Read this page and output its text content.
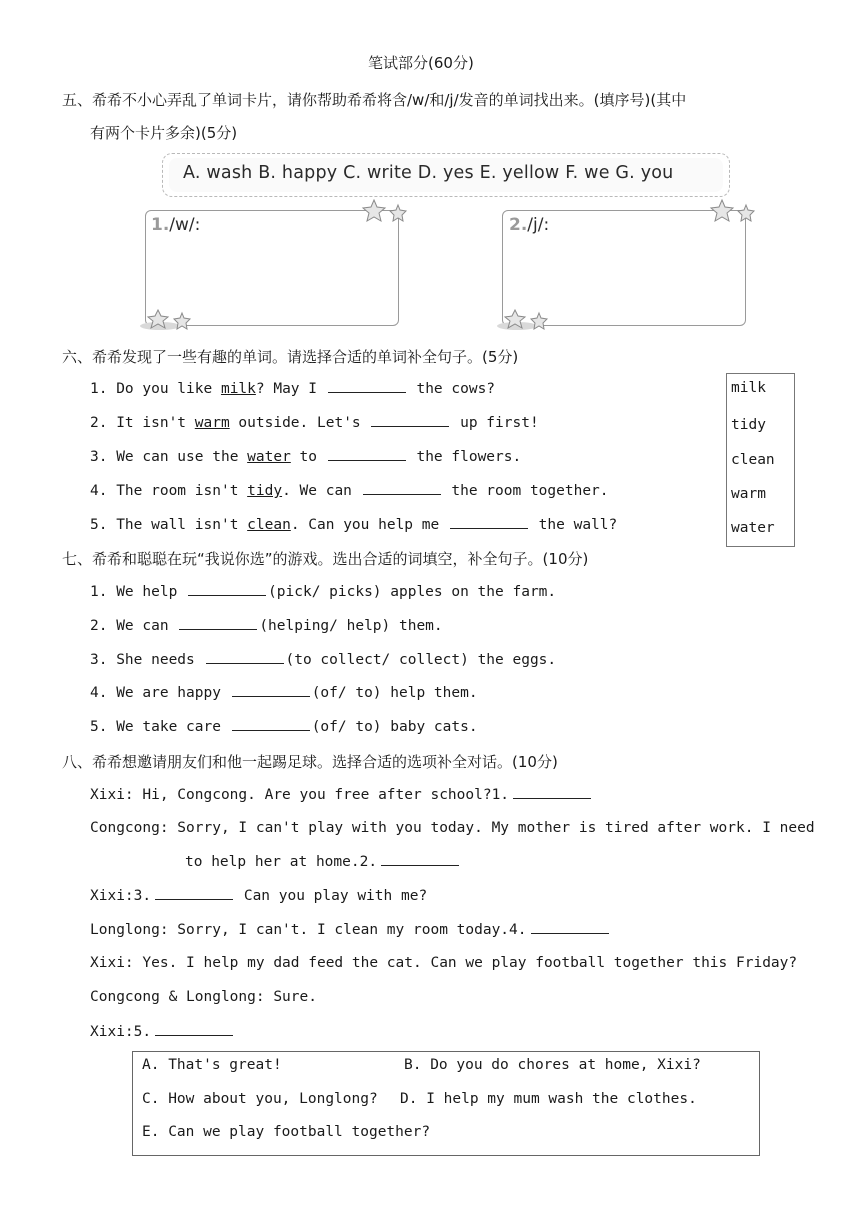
笔试部分(60分)
五、希希不小心弄乱了单词卡片，请你帮助希希将含/w/和/j/发音的单词找出来。(填序号)(其中
有两个卡片多余)(5分)
A. wash B. happy C. write D. yes E. yellow F. we G. you
1./w/:	2./j/:
六、希希发现了一些有趣的单词。请选择合适的单词补全句子。(5分)
1. Do you like milk? May I	the cows?
2. It isn't warm outside. Let's	up first!
3. We can use the water to	the flowers.
4. The room isn't tidy. We can	the room together.
5. The wall isn't clean. Can you help me	the wall?
milk
tidy
clean
warm
water
七、希希和聪聪在玩“我说你选”的游戏。选出合适的词填空，补全句子。(10分)
1. We help	(pick/ picks) apples on the farm.
2. We can	(helping/ help) them.
3. She needs	(to collect/ collect) the eggs.
4. We are happy	(of/ to) help them.
5. We take care	(of/ to) baby cats.
八、希希想邀请朋友们和他一起踢足球。选择合适的选项补全对话。(10分)
Xixi: Hi, Congcong. Are you free after school?1.
Congcong: Sorry, I can't play with you today. My mother is tired after work. I need
to help her at home.2.
Xixi:3.	Can you play with me?
Longlong: Sorry, I can't. I clean my room today.4.
Xixi: Yes. I help my dad feed the cat. Can we play football together this Friday?
Congcong & Longlong: Sure.
Xixi:5.
A. That's great!	B. Do you do chores at home, Xixi?
C. How about you, Longlong? D. I help my mum wash the clothes.
E. Can we play football together?
